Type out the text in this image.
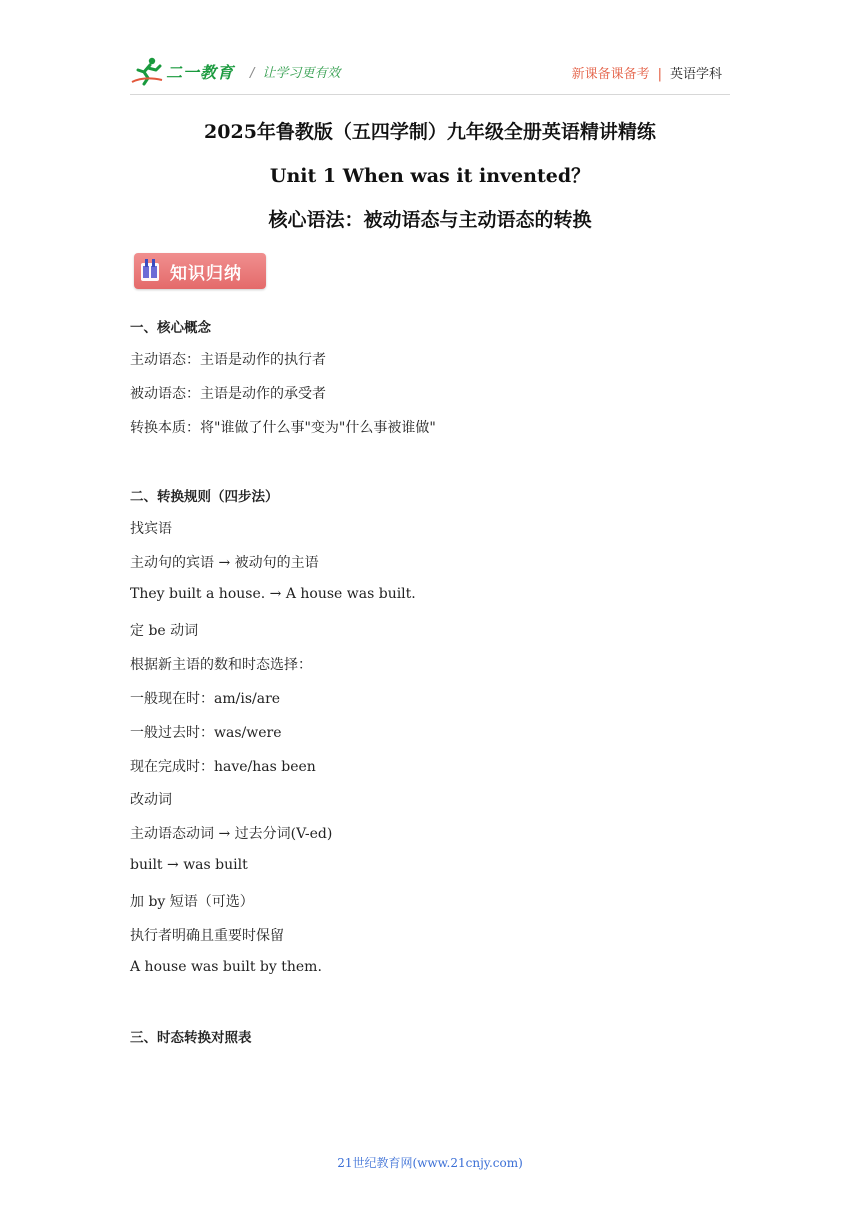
二一教育 / 让学习更有效	新课备课备考 | 英语学科
2025年鲁教版（五四学制）九年级全册英语精讲精练
Unit 1 When was it invented？
核心语法：被动语态与主动语态的转换
知识归纳
一、核心概念
主动语态：主语是动作的执行者
被动语态：主语是动作的承受者
转换本质：将"谁做了什么事"变为"什么事被谁做"
二、转换规则（四步法）
找宾语
主动句的宾语 → 被动句的主语
They built a house. → A house was built.
定 be 动词
根据新主语的数和时态选择：
一般现在时：am/is/are
一般过去时：was/were
现在完成时：have/has been
改动词
主动语态动词 → 过去分词(V-ed)
built → was built
加 by 短语（可选）
执行者明确且重要时保留
A house was built by them.
三、时态转换对照表
21世纪教育网(www.21cnjy.com)
